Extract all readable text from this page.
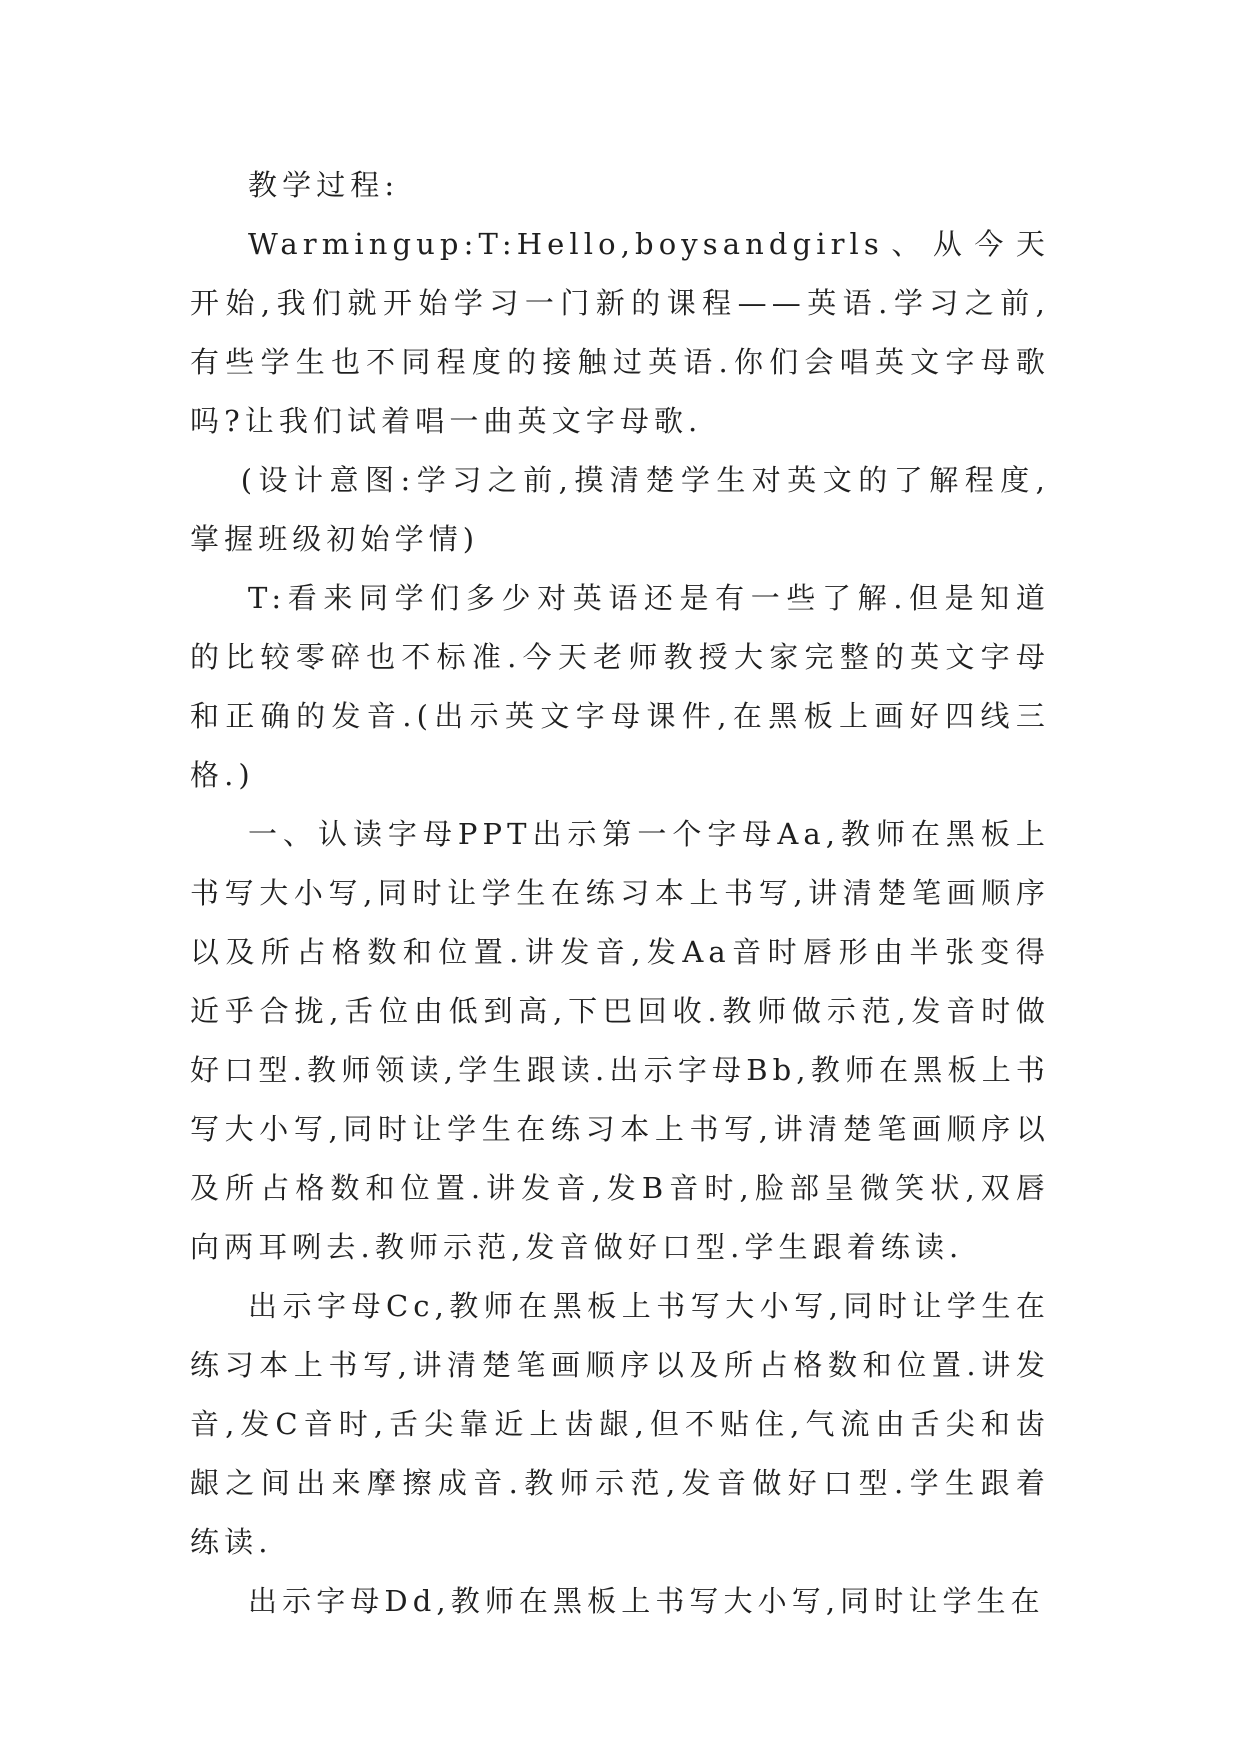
教学过程:

Warmingup:T:Hello,boysandgirls、从今天开始,我们就开始学习一门新的课程——英语.学习之前,有些学生也不同程度的接触过英语.你们会唱英文字母歌吗?让我们试着唱一曲英文字母歌.

(设计意图:学习之前,摸清楚学生对英文的了解程度,掌握班级初始学情)

T:看来同学们多少对英语还是有一些了解.但是知道的比较零碎也不标准.今天老师教授大家完整的英文字母和正确的发音.(出示英文字母课件,在黑板上画好四线三格.)

一、认读字母PPT出示第一个字母Aa,教师在黑板上书写大小写,同时让学生在练习本上书写,讲清楚笔画顺序以及所占格数和位置.讲发音,发Aa音时唇形由半张变得近乎合拢,舌位由低到高,下巴回收.教师做示范,发音时做好口型.教师领读,学生跟读.出示字母Bb,教师在黑板上书写大小写,同时让学生在练习本上书写,讲清楚笔画顺序以及所占格数和位置.讲发音,发B音时,脸部呈微笑状,双唇向两耳咧去.教师示范,发音做好口型.学生跟着练读.

出示字母Cc,教师在黑板上书写大小写,同时让学生在练习本上书写,讲清楚笔画顺序以及所占格数和位置.讲发音,发C音时,舌尖靠近上齿龈,但不贴住,气流由舌尖和齿龈之间出来摩擦成音.教师示范,发音做好口型.学生跟着练读.

出示字母Dd,教师在黑板上书写大小写,同时让学生在
